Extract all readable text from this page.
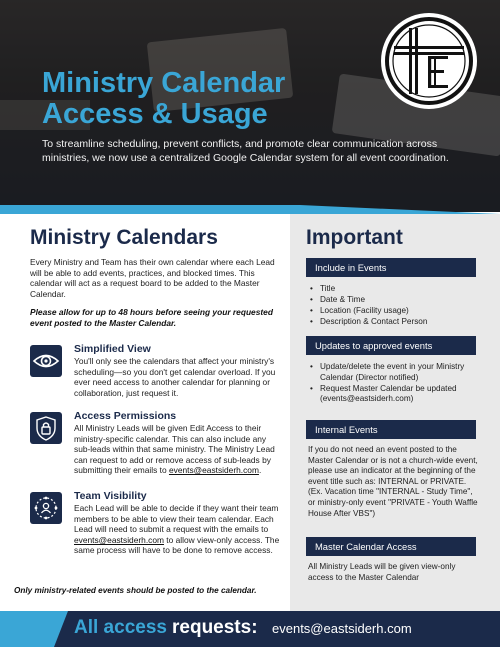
Ministry Calendar
Access & Usage
To streamline scheduling, prevent conflicts, and promote clear communication across ministries, we now use a centralized Google Calendar system for all event coordination.
Ministry Calendars
Every Ministry and Team has their own calendar where each Lead will be able to add events, practices, and blocked times. This calendar will act as a request board to be added to the Master Calendar.
Please allow for up to 48 hours before seeing your requested event posted to the Master Calendar.
Simplified View

You'll only see the calendars that affect your ministry's scheduling—so you don't get calendar overload. If you ever need access to another calendar for planning or collaboration, just request it.

Access Permissions

All Ministry Leads will be given Edit Access to their ministry-specific calendar. This can also include any sub-leads within that same ministry. The Ministry Lead can request to add or remove access of sub-leads by submitting their emails to events@eastsiderh.com.

Team Visibility

Each Lead will be able to decide if they want their team members to be able to view their team calendar. Each Lead will need to submit a request with the emails to events@eastsiderh.com to allow view-only access. The same process will have to be done to remove access.

Only ministry-related events should be posted to the calendar.
Important
Include in Events
• Title
• Date & Time
• Location (Facility usage)
• Description & Contact Person
Updates to approved events
• Update/delete the event in your Ministry Calendar (Director notified)
• Request Master Calendar be updated (events@eastsiderh.com)
Internal Events
If you do not need an event posted to the Master Calendar or is not a church-wide event, please use an indicator at the beginning of the event title such as: INTERNAL or PRIVATE. (Ex. Vacation time "INTERNAL - Study Time", or ministry-only event "PRIVATE - Youth Waffle House After VBS")
Master Calendar Access
All Ministry Leads will be given view-only access to the Master Calendar
All access requests: events@eastsiderh.com
